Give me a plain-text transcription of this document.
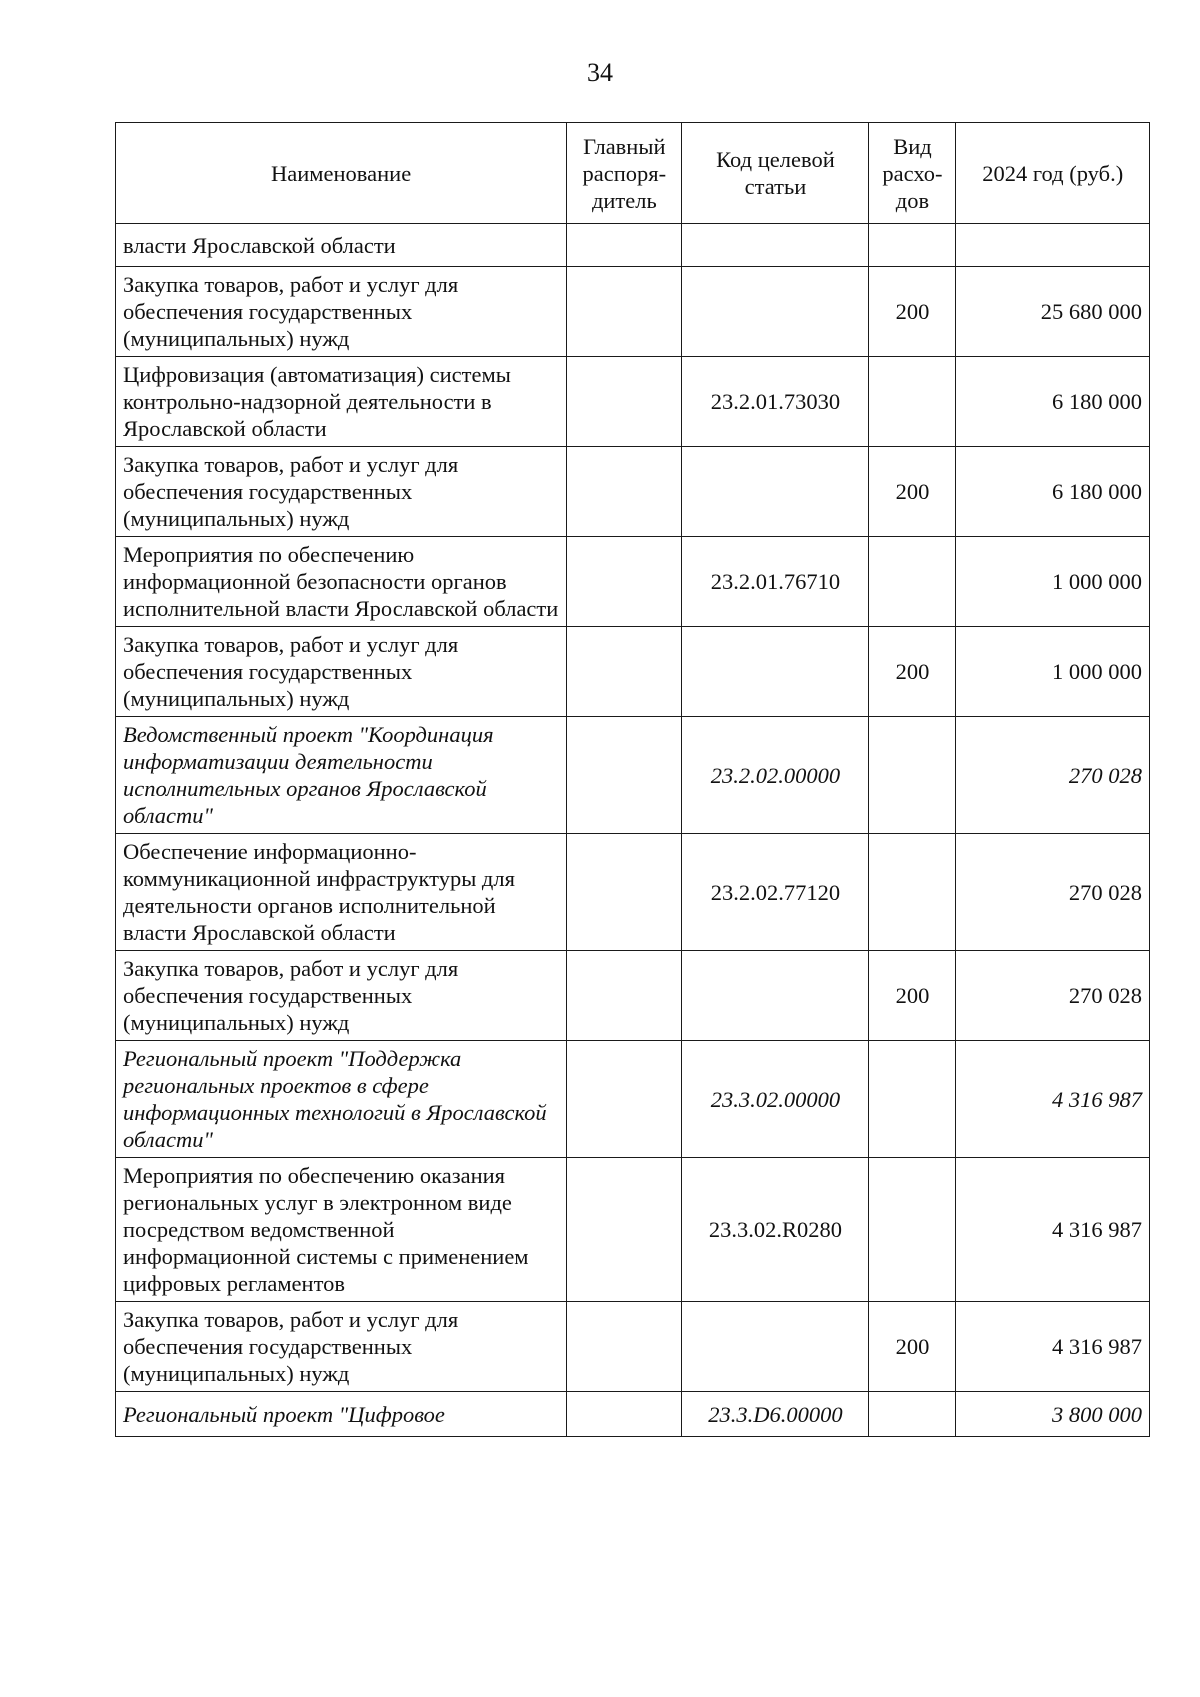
34
Наименование	Главный распоря-дитель	Код целевой статьи	Вид расхо-дов	2024 год (руб.)
власти Ярославской области				
Закупка товаров, работ и услуг для обеспечения государственных (муниципальных) нужд			200	25 680 000
Цифровизация (автоматизация) системы контрольно-надзорной деятельности в Ярославской области		23.2.01.73030		6 180 000
Закупка товаров, работ и услуг для обеспечения государственных (муниципальных) нужд			200	6 180 000
Мероприятия по обеспечению информационной безопасности органов исполнительной власти Ярославской области		23.2.01.76710		1 000 000
Закупка товаров, работ и услуг для обеспечения государственных (муниципальных) нужд			200	1 000 000
Ведомственный проект "Координация информатизации деятельности исполнительных органов Ярославской области"		23.2.02.00000		270 028
Обеспечение информационно-коммуникационной инфраструктуры для деятельности органов исполнительной власти Ярославской области		23.2.02.77120		270 028
Закупка товаров, работ и услуг для обеспечения государственных (муниципальных) нужд			200	270 028
Региональный проект "Поддержка региональных проектов в сфере информационных технологий в Ярославской области"		23.3.02.00000		4 316 987
Мероприятия по обеспечению оказания региональных услуг в электронном виде посредством ведомственной информационной системы с применением цифровых регламентов		23.3.02.R0280		4 316 987
Закупка товаров, работ и услуг для обеспечения государственных (муниципальных) нужд			200	4 316 987
Региональный проект "Цифровое		23.3.D6.00000		3 800 000
